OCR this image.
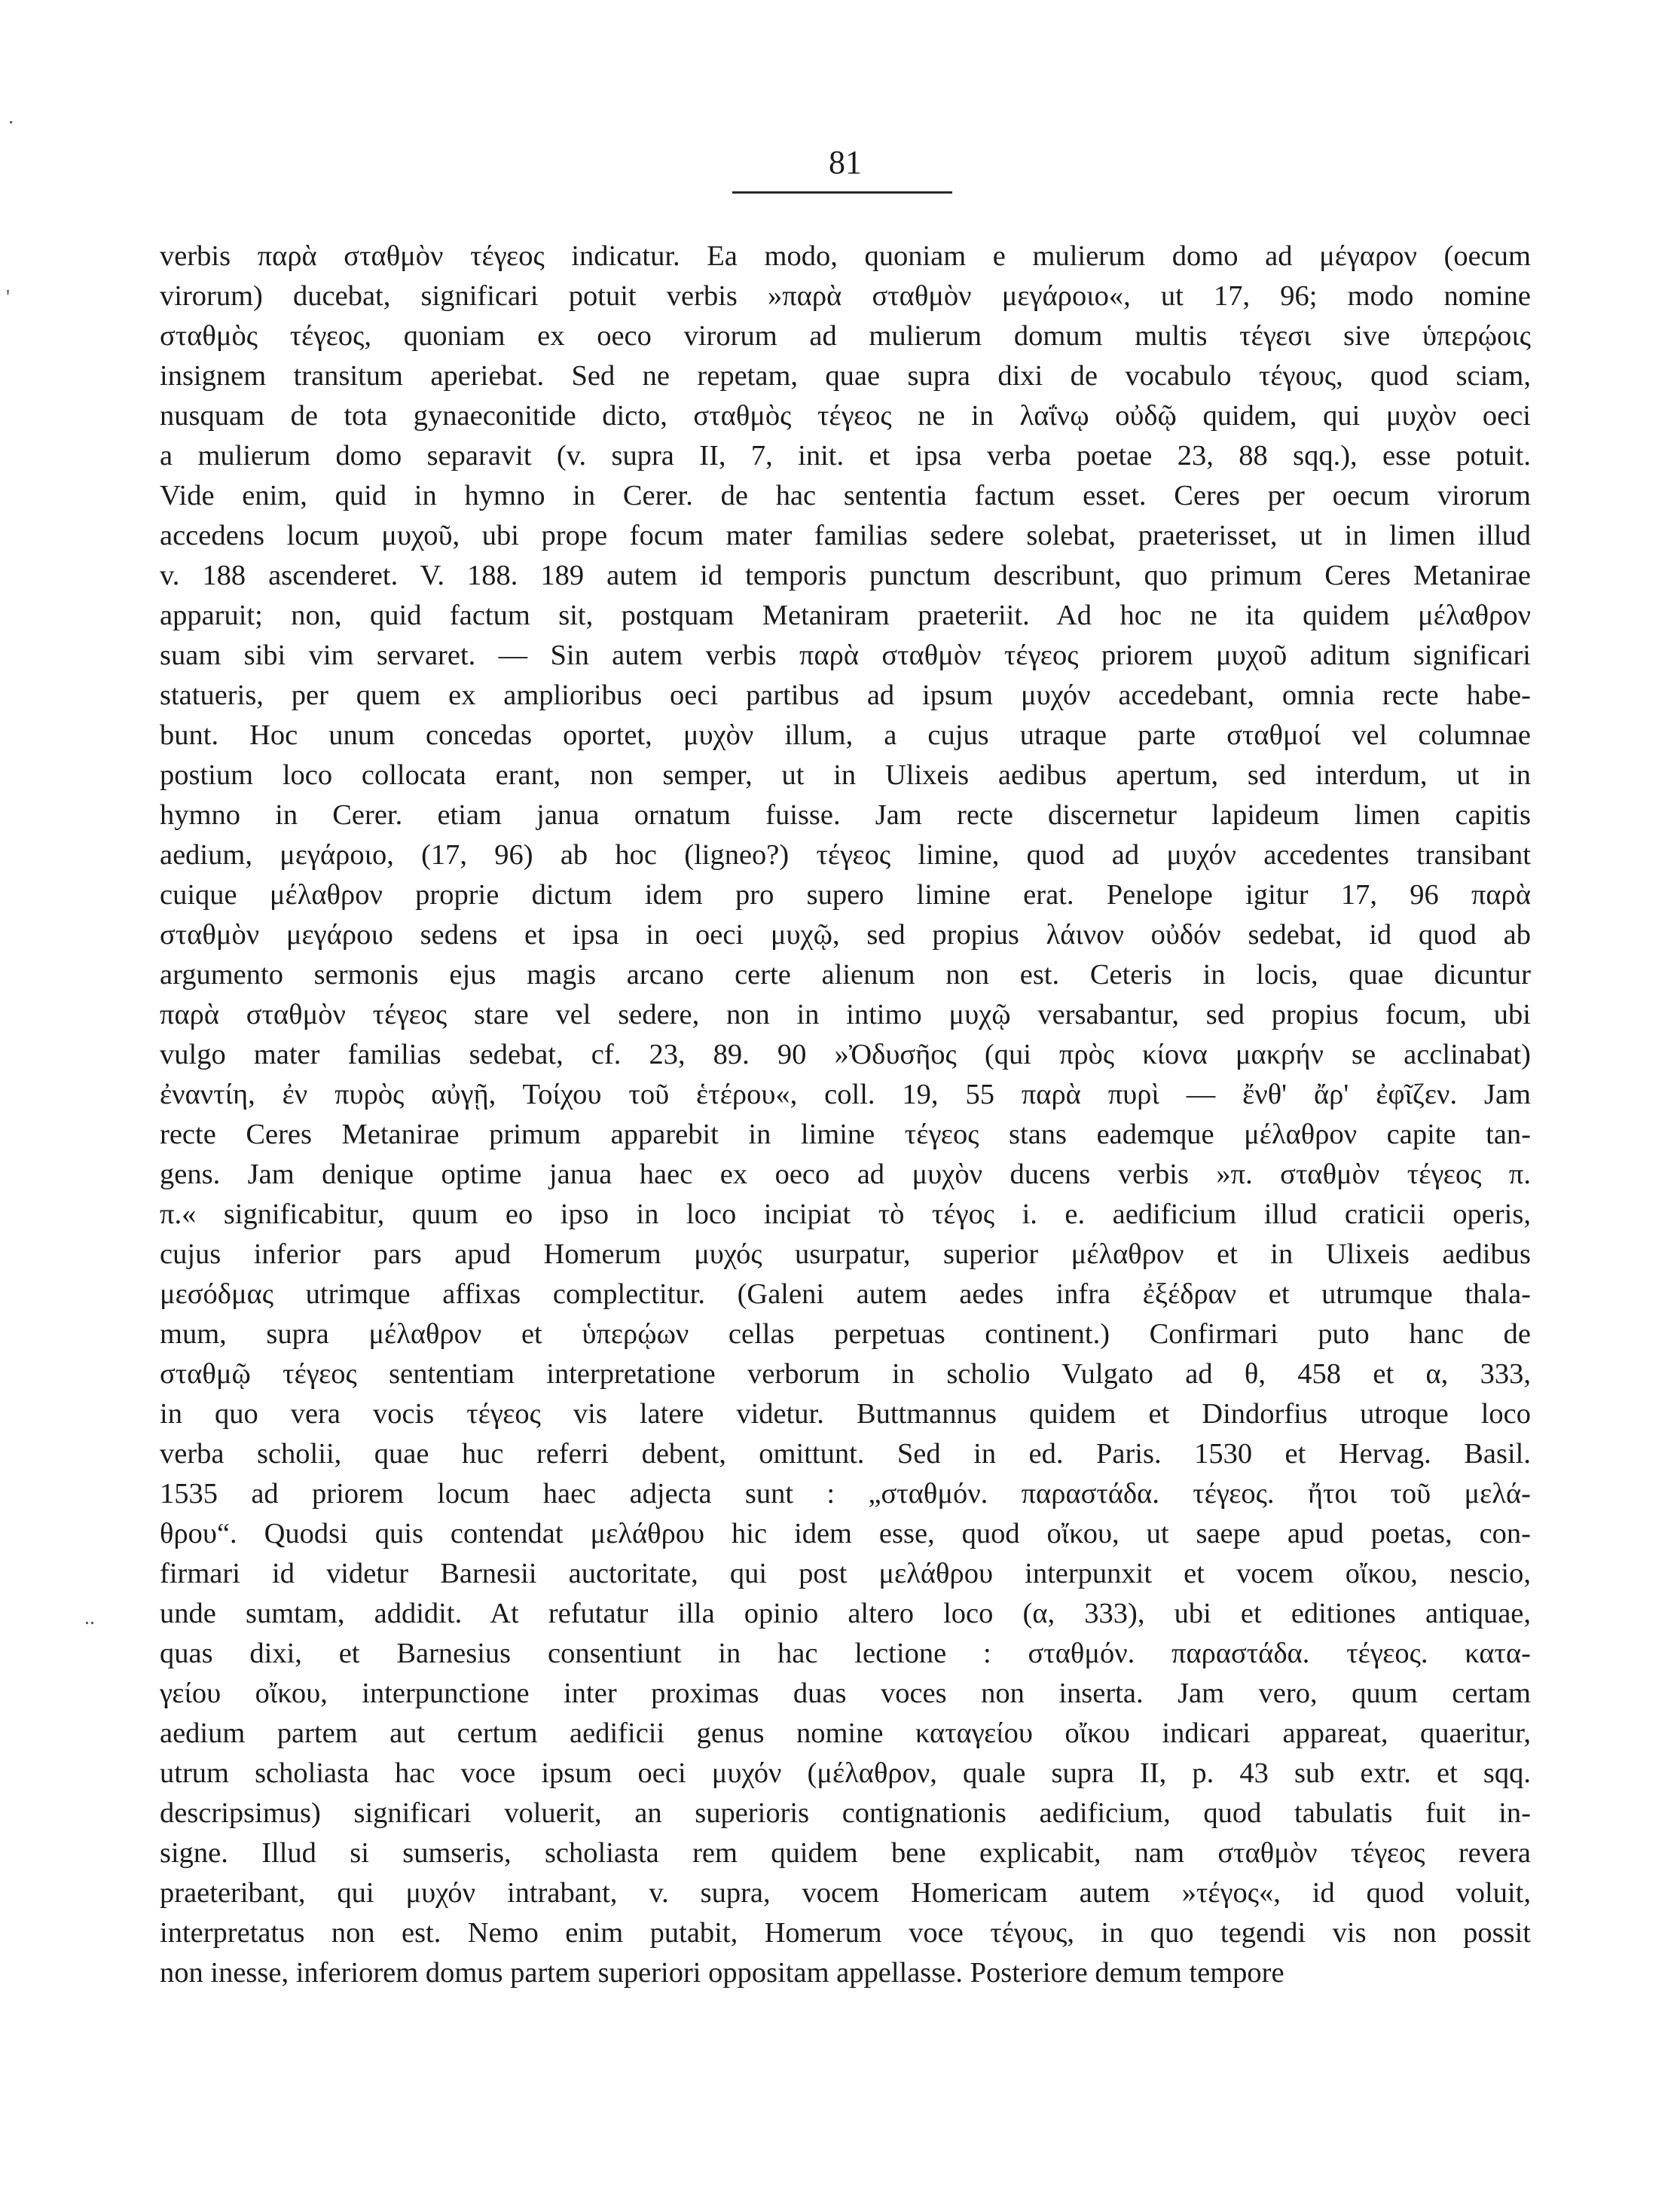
81
·
'
..
verbis παρὰ σταθμὸν τέγεος indicatur. Ea modo, quoniam e mulierum domo ad μέγαρον (oecum
virorum) ducebat, significari potuit verbis »παρὰ σταθμὸν μεγάροιο«, ut 17, 96; modo nomine
σταθμὸς τέγεος, quoniam ex oeco virorum ad mulierum domum multis τέγεσι sive ὑπερῴοις
insignem transitum aperiebat. Sed ne repetam, quae supra dixi de vocabulo τέγους, quod sciam,
nusquam de tota gynaeconitide dicto, σταθμὸς τέγεος ne in λαΐνῳ οὐδῷ quidem, qui μυχὸν oeci
a mulierum domo separavit (v. supra II, 7, init. et ipsa verba poetae 23, 88 sqq.), esse potuit.
Vide enim, quid in hymno in Cerer. de hac sententia factum esset. Ceres per oecum virorum
accedens locum μυχοῦ, ubi prope focum mater familias sedere solebat, praeterisset, ut in limen illud
v. 188 ascenderet. V. 188. 189 autem id temporis punctum describunt, quo primum Ceres Metanirae
apparuit; non, quid factum sit, postquam Metaniram praeteriit. Ad hoc ne ita quidem μέλαθρον
suam sibi vim servaret. — Sin autem verbis παρὰ σταθμὸν τέγεος priorem μυχοῦ aditum significari
statueris, per quem ex amplioribus oeci partibus ad ipsum μυχόν accedebant, omnia recte habe-
bunt. Hoc unum concedas oportet, μυχὸν illum, a cujus utraque parte σταθμοί vel columnae
postium loco collocata erant, non semper, ut in Ulixeis aedibus apertum, sed interdum, ut in
hymno in Cerer. etiam janua ornatum fuisse. Jam recte discernetur lapideum limen capitis
aedium, μεγάροιο, (17, 96) ab hoc (ligneo?) τέγεος limine, quod ad μυχόν accedentes transibant
cuique μέλαθρον proprie dictum idem pro supero limine erat. Penelope igitur 17, 96 παρὰ
σταθμὸν μεγάροιο sedens et ipsa in oeci μυχῷ, sed propius λάινον οὐδόν sedebat, id quod ab
argumento sermonis ejus magis arcano certe alienum non est. Ceteris in locis, quae dicuntur
παρὰ σταθμὸν τέγεος stare vel sedere, non in intimo μυχῷ versabantur, sed propius focum, ubi
vulgo mater familias sedebat, cf. 23, 89. 90 »Ὀδυσῆος (qui πρὸς κίονα μακρήν se acclinabat)
ἐναντίη, ἐν πυρὸς αὐγῇ, Τοίχου τοῦ ἑτέρου«, coll. 19, 55 παρὰ πυρὶ — ἔνθ' ἄρ' ἐφῖζεν. Jam
recte Ceres Metanirae primum apparebit in limine τέγεος stans eademque μέλαθρον capite tan-
gens. Jam denique optime janua haec ex oeco ad μυχὸν ducens verbis »π. σταθμὸν τέγεος π.
π.« significabitur, quum eo ipso in loco incipiat τὸ τέγος i. e. aedificium illud craticii operis,
cujus inferior pars apud Homerum μυχός usurpatur, superior μέλαθρον et in Ulixeis aedibus
μεσόδμας utrimque affixas complectitur. (Galeni autem aedes infra ἐξέδραν et utrumque thala-
mum, supra μέλαθρον et ὑπερῴων cellas perpetuas continent.) Confirmari puto hanc de
σταθμῷ τέγεος sententiam interpretatione verborum in scholio Vulgato ad θ, 458 et α, 333,
in quo vera vocis τέγεος vis latere videtur. Buttmannus quidem et Dindorfius utroque loco
verba scholii, quae huc referri debent, omittunt. Sed in ed. Paris. 1530 et Hervag. Basil.
1535 ad priorem locum haec adjecta sunt : „σταθμόν. παραστάδα. τέγεος. ἤτοι τοῦ μελά-
θρου“. Quodsi quis contendat μελάθρου hic idem esse, quod οἴκου, ut saepe apud poetas, con-
firmari id videtur Barnesii auctoritate, qui post μελάθρου interpunxit et vocem οἴκου, nescio,
unde sumtam, addidit. At refutatur illa opinio altero loco (α, 333), ubi et editiones antiquae,
quas dixi, et Barnesius consentiunt in hac lectione : σταθμόν. παραστάδα. τέγεος. κατα-
γείου οἴκου, interpunctione inter proximas duas voces non inserta. Jam vero, quum certam
aedium partem aut certum aedificii genus nomine καταγείου οἴκου indicari appareat, quaeritur,
utrum scholiasta hac voce ipsum oeci μυχόν (μέλαθρον, quale supra II, p. 43 sub extr. et sqq.
descripsimus) significari voluerit, an superioris contignationis aedificium, quod tabulatis fuit in-
signe. Illud si sumseris, scholiasta rem quidem bene explicabit, nam σταθμὸν τέγεος revera
praeteribant, qui μυχόν intrabant, v. supra, vocem Homericam autem »τέγος«, id quod voluit,
interpretatus non est. Nemo enim putabit, Homerum voce τέγους, in quo tegendi vis non possit
non inesse, inferiorem domus partem superiori oppositam appellasse. Posteriore demum tempore
